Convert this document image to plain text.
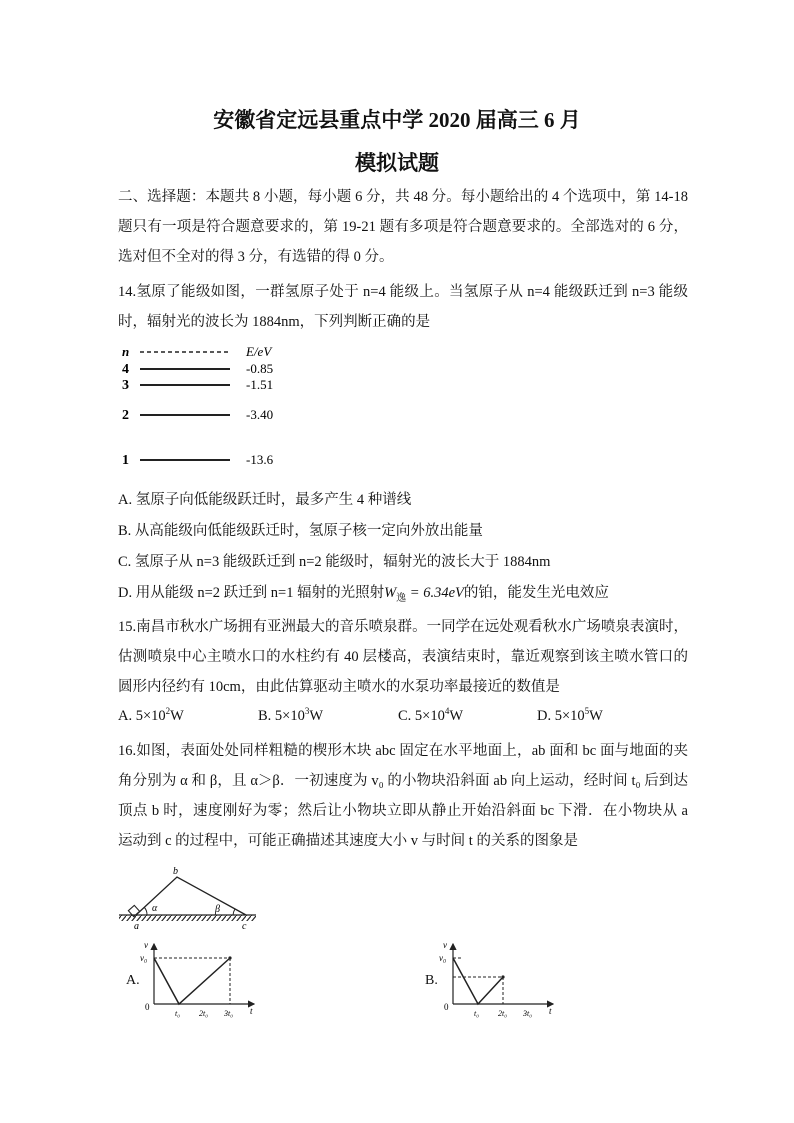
安徽省定远县重点中学 2020 届高三 6 月
模拟试题
二、选择题：本题共 8 小题，每小题 6 分，共 48 分。每小题给出的 4 个选项中，第 14-18 题只有一项是符合题意要求的，第 19-21 题有多项是符合题意要求的。全部选对的 6 分，选对但不全对的得 3 分，有选错的得 0 分。
14.氢原了能级如图，一群氢原子处于 n=4 能级上。当氢原子从 n=4 能级跃迁到 n=3 能级时，辐射光的波长为 1884nm，下列判断正确的是
n	E/eV
4	-0.85
3	-1.51
2	-3.40
1	-13.6
A. 氢原子向低能级跃迁时，最多产生 4 种谱线
B. 从高能级向低能级跃迁时，氢原子核一定向外放出能量
C. 氢原子从 n=3 能级跃迁到 n=2 能级时，辐射光的波长大于 1884nm
D. 用从能级 n=2 跃迁到 n=1 辐射的光照射$W_逸 = 6.34eV$的铂，能发生光电效应
15.南昌市秋水广场拥有亚洲最大的音乐喷泉群。一同学在远处观看秋水广场喷泉表演时，估测喷泉中心主喷水口的水柱约有 40 层楼高，表演结束时，靠近观察到该主喷水管口的圆形内径约有 10cm，由此估算驱动主喷水的水泵功率最接近的数值是
A. $5\times 10^2W$	B. $5\times 10^3W$	C. $5\times 10^4W$	D. $5\times 10^5W$
16.如图，表面处处同样粗糙的楔形木块 abc 固定在水平地面上，ab 面和 bc 面与地面的夹角分别为 α 和 β，且 α＞β．一初速度为 v₀ 的小物块沿斜面 ab 向上运动，经时间 t₀ 后到达顶点 b 时，速度刚好为零；然后让小物块立即从静止开始沿斜面 bc 下滑．在小物块从 a 运动到 c 的过程中，可能正确描述其速度大小 v 与时间 t 的关系的图象是
b
a	c
α	β
A.
v
v₀
0	t
t₀ 2t₀ 3t₀
B.
v
v₀
0	t
t₀ 2t₀ 3t₀
